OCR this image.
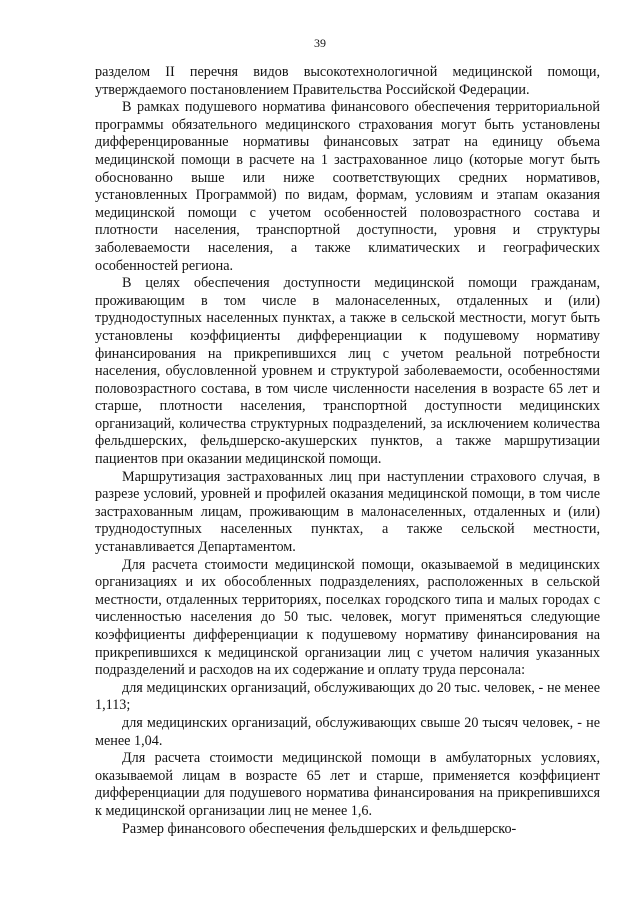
39

разделом II перечня видов высокотехнологичной медицинской помощи, утверждаемого постановлением Правительства Российской Федерации.

В рамках подушевого норматива финансового обеспечения территориальной программы обязательного медицинского страхования могут быть установлены дифференцированные нормативы финансовых затрат на единицу объема медицинской помощи в расчете на 1 застрахованное лицо (которые могут быть обоснованно выше или ниже соответствующих средних нормативов, установленных Программой) по видам, формам, условиям и этапам оказания медицинской помощи с учетом особенностей половозрастного состава и плотности населения, транспортной доступности, уровня и структуры заболеваемости населения, а также климатических и географических особенностей региона.

В целях обеспечения доступности медицинской помощи гражданам, проживающим в том числе в малонаселенных, отдаленных и (или) труднодоступных населенных пунктах, а также в сельской местности, могут быть установлены коэффициенты дифференциации к подушевому нормативу финансирования на прикрепившихся лиц с учетом реальной потребности населения, обусловленной уровнем и структурой заболеваемости, особенностями половозрастного состава, в том числе численности населения в возрасте 65 лет и старше, плотности населения, транспортной доступности медицинских организаций, количества структурных подразделений, за исключением количества фельдшерских, фельдшерско-акушерских пунктов, а также маршрутизации пациентов при оказании медицинской помощи.

Маршрутизация застрахованных лиц при наступлении страхового случая, в разрезе условий, уровней и профилей оказания медицинской помощи, в том числе застрахованным лицам, проживающим в малонаселенных, отдаленных и (или) труднодоступных населенных пунктах, а также сельской местности, устанавливается Департаментом.

Для расчета стоимости медицинской помощи, оказываемой в медицинских организациях и их обособленных подразделениях, расположенных в сельской местности, отдаленных территориях, поселках городского типа и малых городах с численностью населения до 50 тыс. человек, могут применяться следующие коэффициенты дифференциации к подушевому нормативу финансирования на прикрепившихся к медицинской организации лиц с учетом наличия указанных подразделений и расходов на их содержание и оплату труда персонала:

для медицинских организаций, обслуживающих до 20 тыс. человек, - не менее 1,113;

для медицинских организаций, обслуживающих свыше 20 тысяч человек, - не менее 1,04.

Для расчета стоимости медицинской помощи в амбулаторных условиях, оказываемой лицам в возрасте 65 лет и старше, применяется коэффициент дифференциации для подушевого норматива финансирования на прикрепившихся к медицинской организации лиц не менее 1,6.

Размер финансового обеспечения фельдшерских и фельдшерско-
